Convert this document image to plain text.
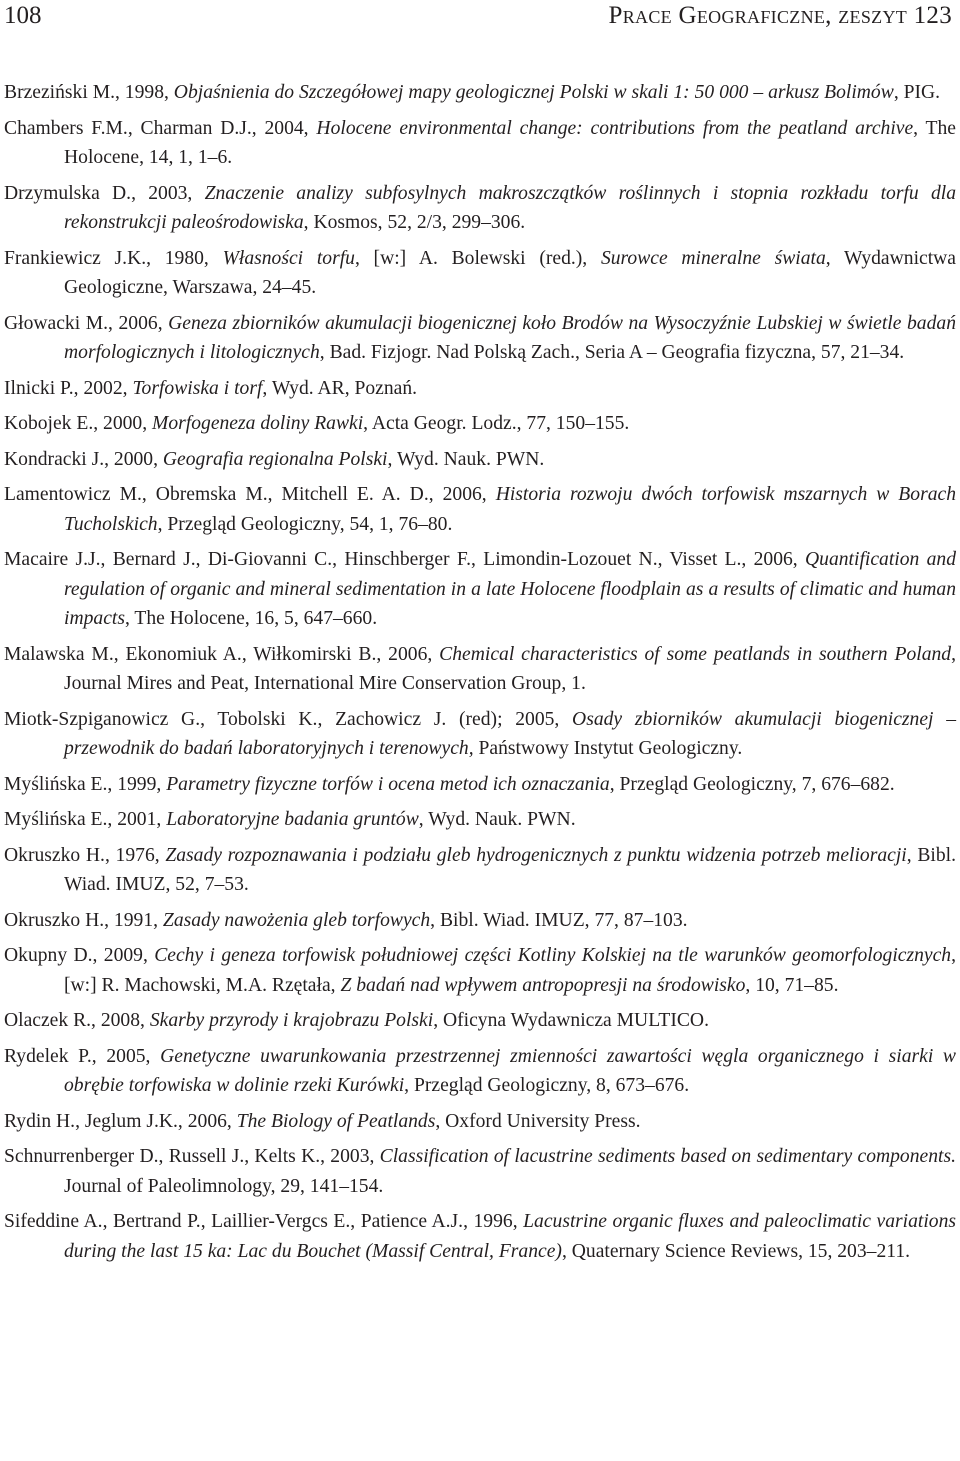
108	Prace Geograficzne, zeszyt 123

Brzeziński M., 1998, Objaśnienia do Szczegółowej mapy geologicznej Polski w skali 1: 50 000 – arkusz Bolimów, PIG.

Chambers F.M., Charman D.J., 2004, Holocene environmental change: contributions from the peatland archive, The Holocene, 14, 1, 1–6.

Drzymulska D., 2003, Znaczenie analizy subfosylnych makroszczątków roślinnych i stopnia rozkładu torfu dla rekonstrukcji paleośrodowiska, Kosmos, 52, 2/3, 299–306.

Frankiewicz J.K., 1980, Własności torfu, [w:] A. Bolewski (red.), Surowce mineralne świata, Wydawnictwa Geologiczne, Warszawa, 24–45.

Głowacki M., 2006, Geneza zbiorników akumulacji biogenicznej koło Brodów na Wysoczyźnie Lubskiej w świetle badań morfologicznych i litologicznych, Bad. Fizjogr. Nad Polską Zach., Seria A – Geografia fizyczna, 57, 21–34.

Ilnicki P., 2002, Torfowiska i torf, Wyd. AR, Poznań.

Kobojek E., 2000, Morfogeneza doliny Rawki, Acta Geogr. Lodz., 77, 150–155.

Kondracki J., 2000, Geografia regionalna Polski, Wyd. Nauk. PWN.

Lamentowicz M., Obremska M., Mitchell E. A. D., 2006, Historia rozwoju dwóch torfowisk mszarnych w Borach Tucholskich, Przegląd Geologiczny, 54, 1, 76–80.

Macaire J.J., Bernard J., Di-Giovanni C., Hinschberger F., Limondin-Lozouet N., Visset L., 2006, Quantification and regulation of organic and mineral sedimentation in a late Holocene floodplain as a results of climatic and human impacts, The Holocene, 16, 5, 647–660.

Malawska M., Ekonomiuk A., Wiłkomirski B., 2006, Chemical characteristics of some peatlands in southern Poland, Journal Mires and Peat, International Mire Conservation Group, 1.

Miotk-Szpiganowicz G., Tobolski K., Zachowicz J. (red); 2005, Osady zbiorników akumulacji biogenicznej – przewodnik do badań laboratoryjnych i terenowych, Państwowy Instytut Geologiczny.

Myślińska E., 1999, Parametry fizyczne torfów i ocena metod ich oznaczania, Przegląd Geologiczny, 7, 676–682.

Myślińska E., 2001, Laboratoryjne badania gruntów, Wyd. Nauk. PWN.

Okruszko H., 1976, Zasady rozpoznawania i podziału gleb hydrogenicznych z punktu widzenia potrzeb melioracji, Bibl. Wiad. IMUZ, 52, 7–53.

Okruszko H., 1991, Zasady nawożenia gleb torfowych, Bibl. Wiad. IMUZ, 77, 87–103.

Okupny D., 2009, Cechy i geneza torfowisk południowej części Kotliny Kolskiej na tle warunków geomorfologicznych, [w:] R. Machowski, M.A. Rzętała, Z badań nad wpływem antropopresji na środowisko, 10, 71–85.

Olaczek R., 2008, Skarby przyrody i krajobrazu Polski, Oficyna Wydawnicza MULTICO.

Rydelek P., 2005, Genetyczne uwarunkowania przestrzennej zmienności zawartości węgla organicznego i siarki w obrębie torfowiska w dolinie rzeki Kurówki, Przegląd Geologiczny, 8, 673–676.

Rydin H., Jeglum J.K., 2006, The Biology of Peatlands, Oxford University Press.

Schnurrenberger D., Russell J., Kelts K., 2003, Classification of lacustrine sediments based on sedimentary components. Journal of Paleolimnology, 29, 141–154.

Sifeddine A., Bertrand P., Laillier-Vergcs E., Patience A.J., 1996, Lacustrine organic fluxes and paleoclimatic variations during the last 15 ka: Lac du Bouchet (Massif Central, France), Quaternary Science Reviews, 15, 203–211.
